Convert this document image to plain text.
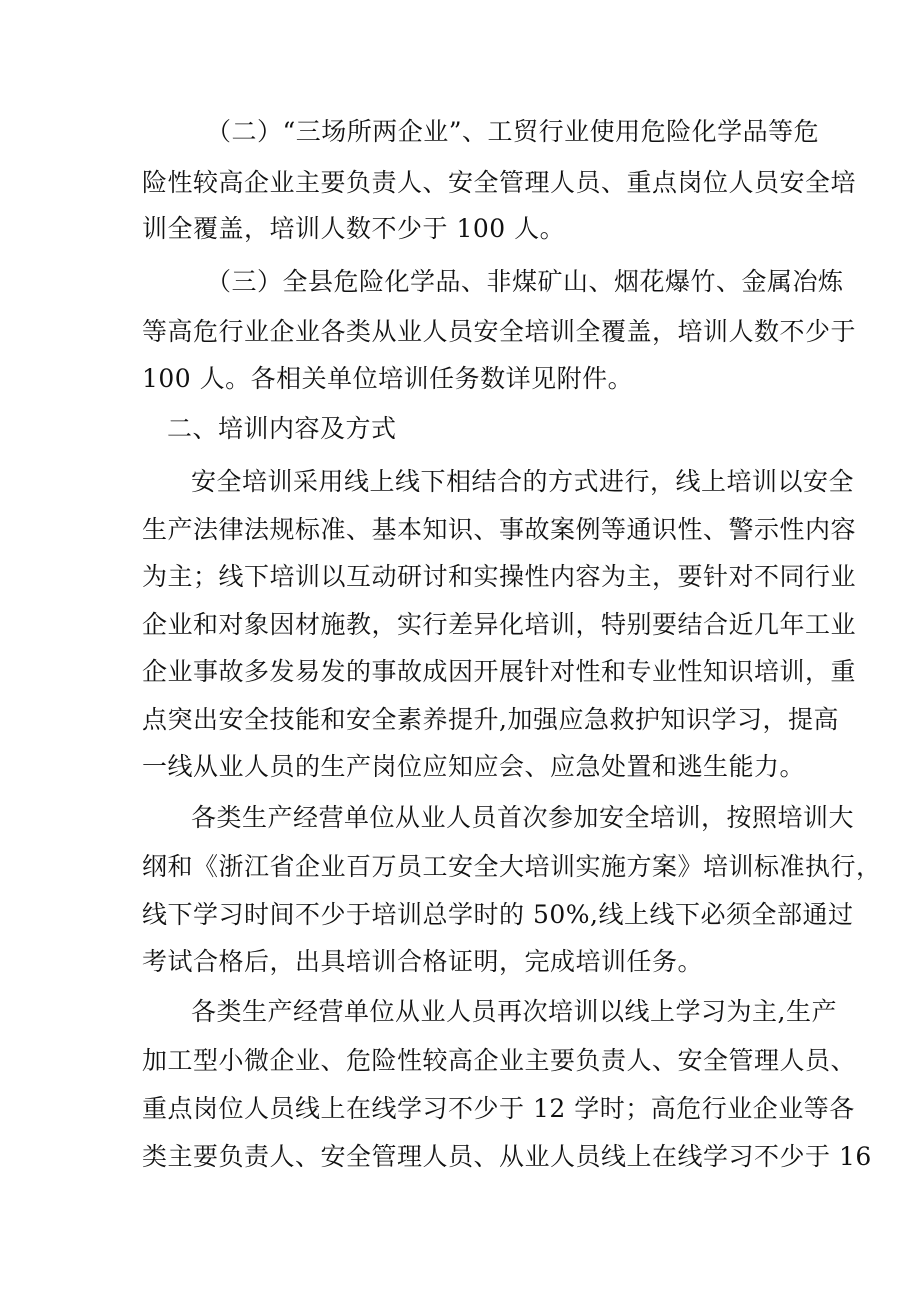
（二）“三场所两企业”、工贸行业使用危险化学品等危

险性较高企业主要负责人、安全管理人员、重点岗位人员安全培

训全覆盖，培训人数不少于 100 人。

（三）全县危险化学品、非煤矿山、烟花爆竹、金属冶炼

等高危行业企业各类从业人员安全培训全覆盖，培训人数不少于

100 人。各相关单位培训任务数详见附件。

二、培训内容及方式

安全培训采用线上线下相结合的方式进行，线上培训以安全

生产法律法规标准、基本知识、事故案例等通识性、警示性内容

为主；线下培训以互动研讨和实操性内容为主，要针对不同行业

企业和对象因材施教，实行差异化培训，特别要结合近几年工业

企业事故多发易发的事故成因开展针对性和专业性知识培训，重

点突出安全技能和安全素养提升,加强应急救护知识学习，提高

一线从业人员的生产岗位应知应会、应急处置和逃生能力。

各类生产经营单位从业人员首次参加安全培训，按照培训大

纲和《浙江省企业百万员工安全大培训实施方案》培训标准执行，

线下学习时间不少于培训总学时的 50%,线上线下必须全部通过

考试合格后，出具培训合格证明，完成培训任务。

各类生产经营单位从业人员再次培训以线上学习为主,生产

加工型小微企业、危险性较高企业主要负责人、安全管理人员、

重点岗位人员线上在线学习不少于 12 学时；高危行业企业等各

类主要负责人、安全管理人员、从业人员线上在线学习不少于 16
